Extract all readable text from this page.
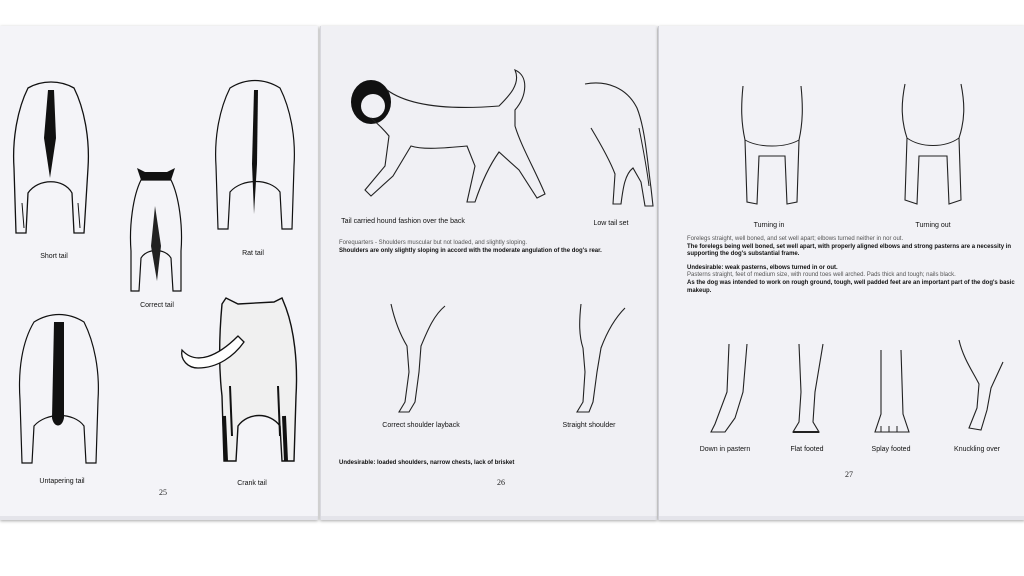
Short tail
Correct tail
Rat tail
Untapering tail	Crank tail
25
Tail carried hound fashion over the back	Low tail set
Forequarters - Shoulders muscular but not loaded, and slightly sloping.
Shoulders are only slightly sloping in accord with the moderate angulation of the dog's rear.
Correct shoulder layback	Straight shoulder
Undesirable: loaded shoulders, narrow chests, lack of brisket
26
Turning in	Turning out
Forelegs straight, well boned, and set well apart; elbows turned neither in nor out.
The forelegs being well boned, set well apart, with properly aligned elbows and strong pasterns are a necessity in supporting the dog's substantial frame.

Undesirable: weak pasterns, elbows turned in or out.
Pasterns straight, feet of medium size, with round toes well arched. Pads thick and tough; nails black.
As the dog was intended to work on rough ground, tough, well padded feet are an important part of the dog's basic makeup.
Down in pastern	Flat footed	Splay footed	Knuckling over
27
